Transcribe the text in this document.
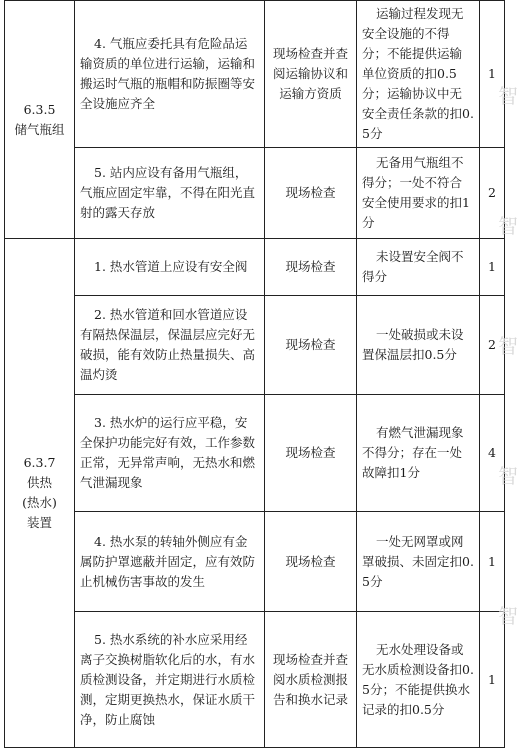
6.3.5
储气瓶组	4. 气瓶应委托具有危险品运输资质的单位进行运输，运输和搬运时气瓶的瓶帽和防振圈等安全设施应齐全	现场检查并查阅运输协议和运输方资质	运输过程发现无安全设施的不得分；不能提供运输单位资质的扣0.5分；运输协议中无安全责任条款的扣0.5分	1
	5. 站内应设有备用气瓶组，气瓶应固定牢靠，不得在阳光直射的露天存放	现场检查	无备用气瓶组不得分；一处不符合安全使用要求的扣1分	2

6.3.7
供热
(热水)
装置	1. 热水管道上应设有安全阀	现场检查	未设置安全阀不得分	1
	2. 热水管道和回水管道应设有隔热保温层，保温层应完好无破损，能有效防止热量损失、高温灼烫	现场检查	一处破损或未设置保温层扣0.5分	2
	3. 热水炉的运行应平稳，安全保护功能完好有效，工作参数正常，无异常声响，无热水和燃气泄漏现象	现场检查	有燃气泄漏现象不得分；存在一处故障扣1分	4
	4. 热水泵的转轴外侧应有金属防护罩遮蔽并固定，应有效防止机械伤害事故的发生	现场检查	一处无网罩或网罩破损、未固定扣0.5分	1
	5. 热水系统的补水应采用经离子交换树脂软化后的水，有水质检测设备，并定期进行水质检测，定期更换热水，保证水质干净，防止腐蚀	现场检查并查阅水质检测报告和换水记录	无水处理设备或无水质检测设备扣0.5分；不能提供换水记录的扣0.5分	1
智
智
智
智
智
